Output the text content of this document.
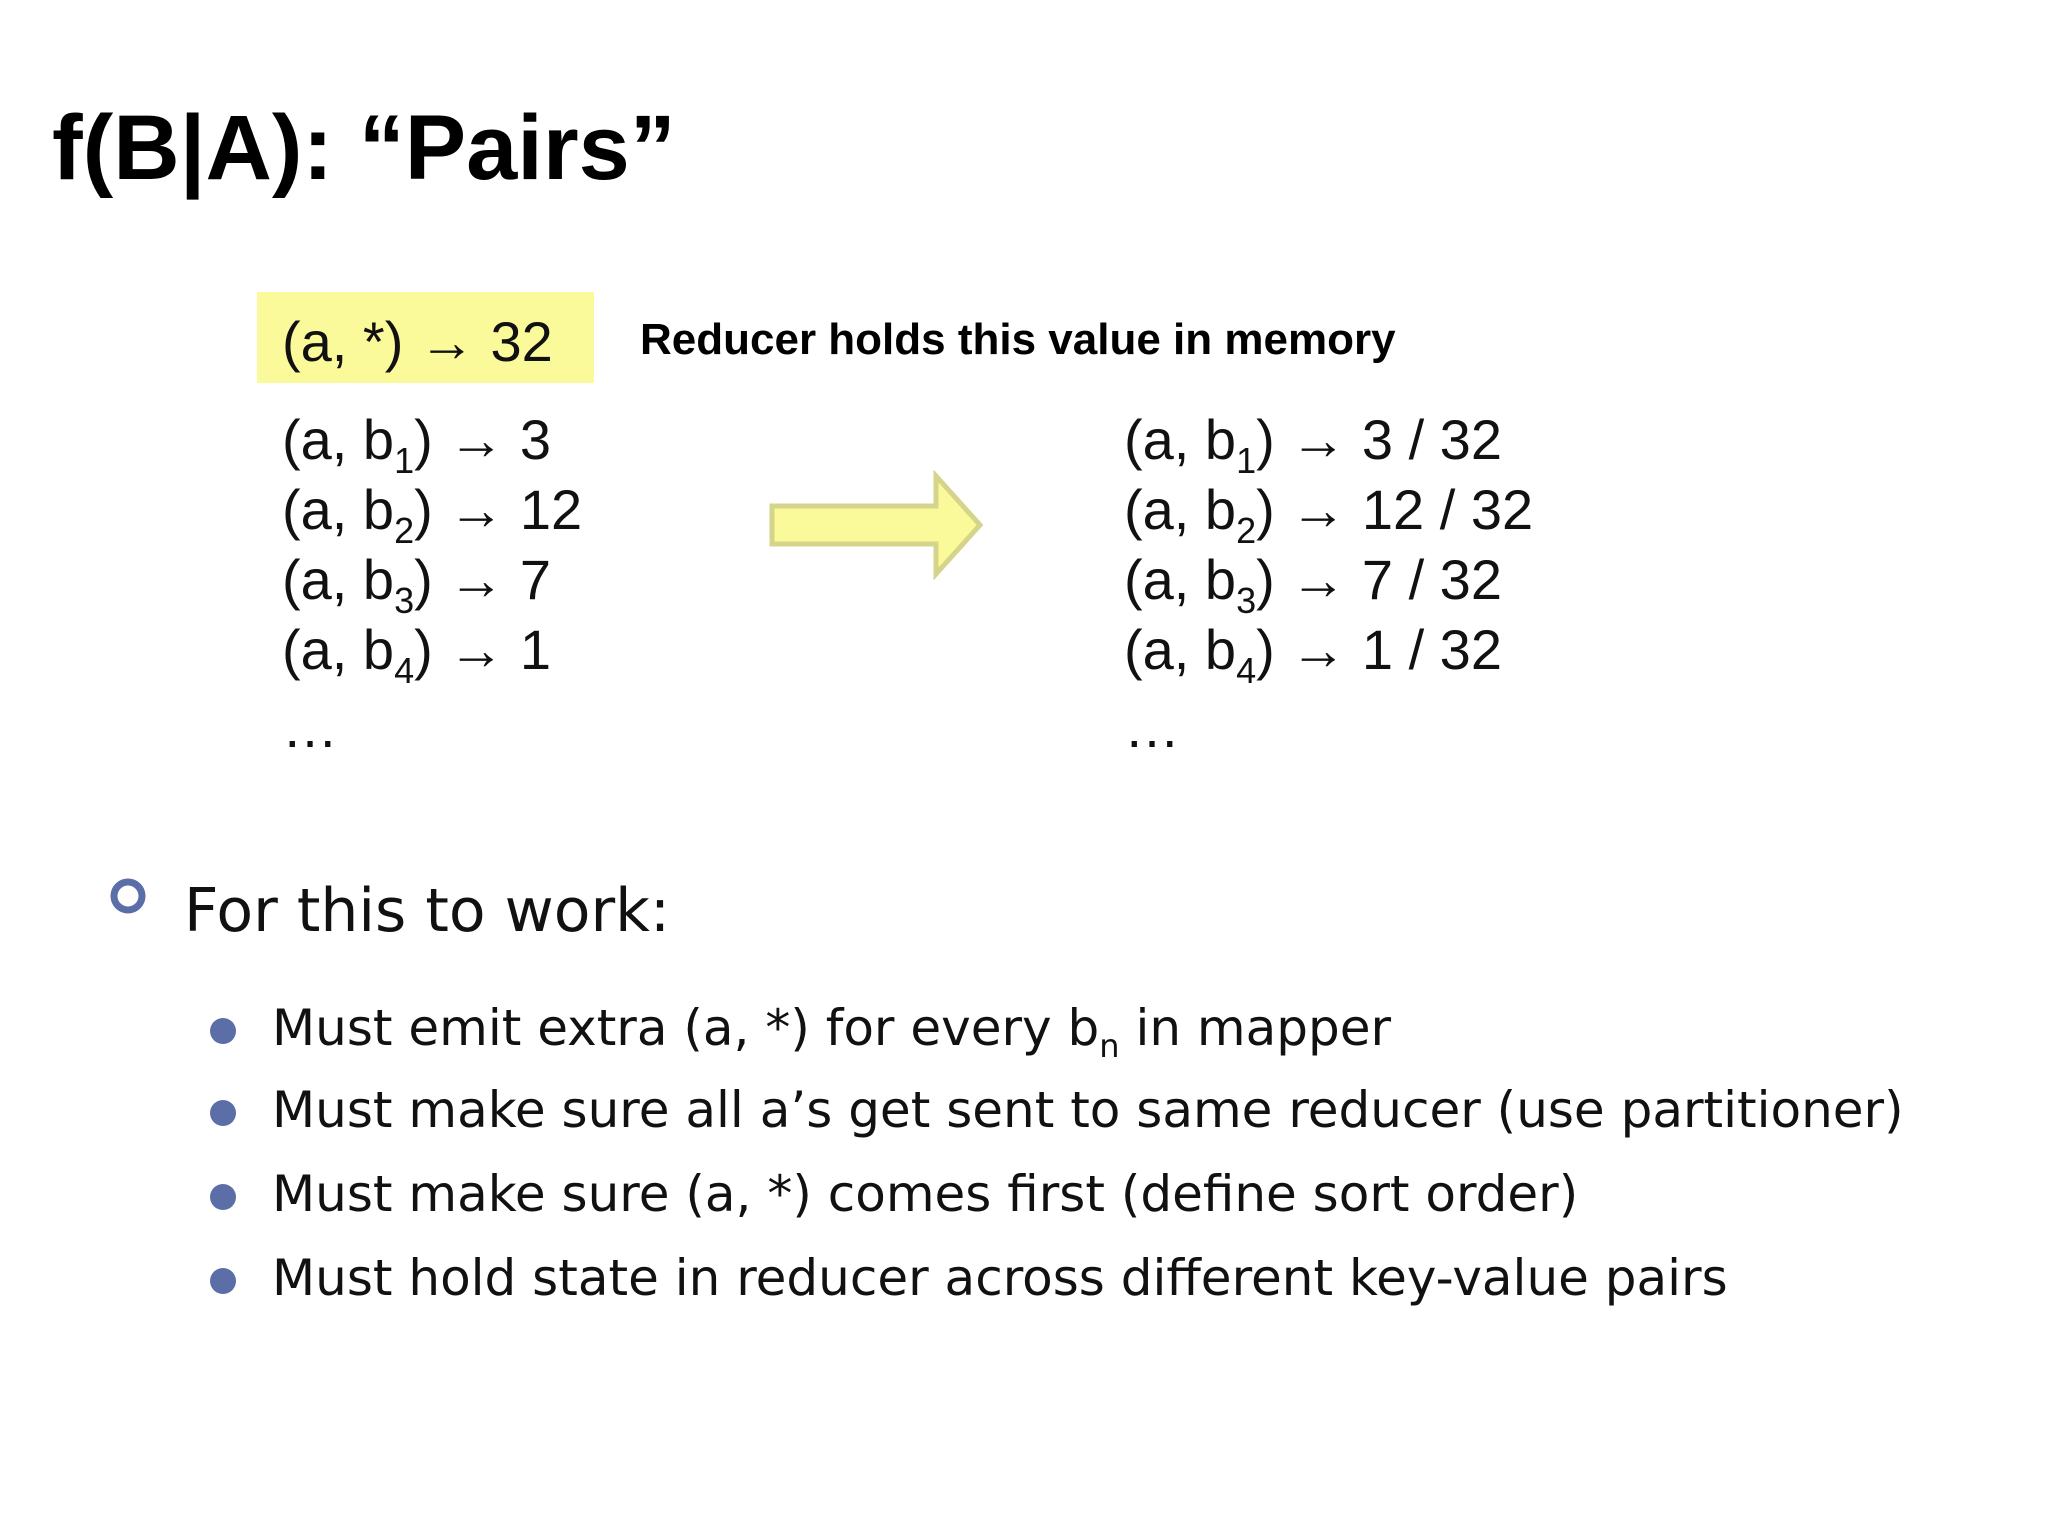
f(B|A): “Pairs”
(a, *) → 32 Reducer holds this value in memory
(a, $b_1) \to 3$
(a, $b_2) \to 12$
(a, $b_3) \to 7$
(a, $b_4) \to 1$
…
(a, $b_1) \to 3 / 32$
(a, $b_2) \to 12 / 32$
(a, $b_3) \to 7 / 32$
(a, $b_4) \to 1 / 32$
…
For this to work:
Must emit extra (a, *) for every $b_n$ in mapper
Must make sure all a’s get sent to same reducer (use partitioner)
Must make sure (a, *) comes first (define sort order)
Must hold state in reducer across different key-value pairs
